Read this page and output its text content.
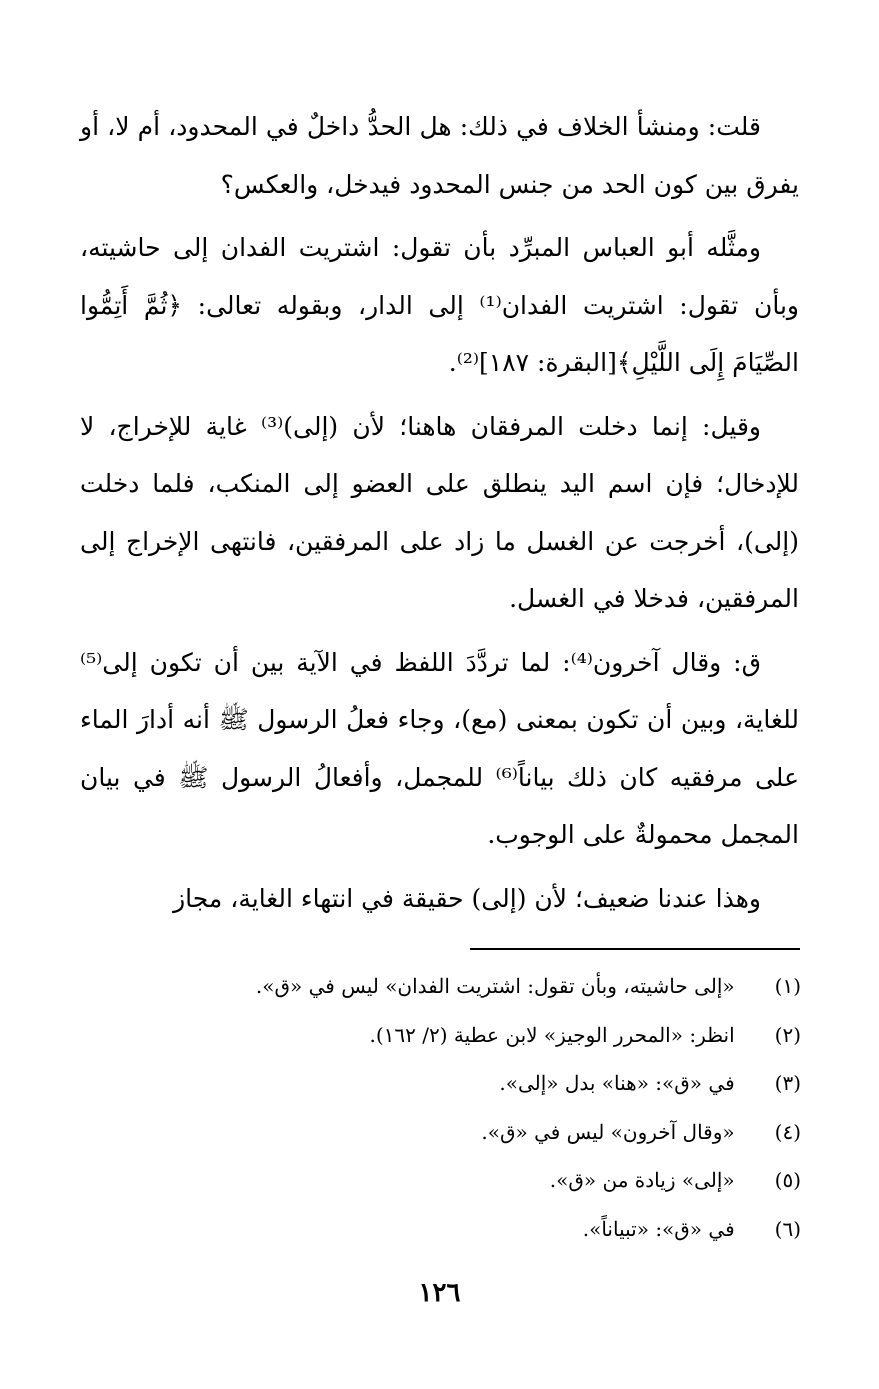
قلت: ومنشأ الخلاف في ذلك: هل الحدُّ داخلٌ في المحدود، أم لا، أو يفرق بين كون الحد من جنس المحدود فيدخل، والعكس؟

ومثَّله أبو العباس المبرِّد بأن تقول: اشتريت الفدان إلى حاشيته، وبأن تقول: اشتريت الفدان⁽¹⁾ إلى الدار، وبقوله تعالى: ﴿ثُمَّ أَتِمُّوا الصِّيَامَ إِلَى اللَّيْلِ﴾[البقرة: ١٨٧]⁽²⁾.

وقيل: إنما دخلت المرفقان هاهنا؛ لأن (إلى)⁽³⁾ غاية للإخراج، لا للإدخال؛ فإن اسم اليد ينطلق على العضو إلى المنكب، فلما دخلت (إلى)، أخرجت عن الغسل ما زاد على المرفقين، فانتهى الإخراج إلى المرفقين، فدخلا في الغسل.

ق: وقال آخرون⁽⁴⁾: لما تردَّدَ اللفظ في الآية بين أن تكون إلى⁽⁵⁾ للغاية، وبين أن تكون بمعنى (مع)، وجاء فعلُ الرسول ﷺ أنه أدارَ الماء على مرفقيه كان ذلك بياناً⁽⁶⁾ للمجمل، وأفعالُ الرسول ﷺ في بيان المجمل محمولةٌ على الوجوب.

وهذا عندنا ضعيف؛ لأن (إلى) حقيقة في انتهاء الغاية، مجاز

(١) «إلى حاشيته، وبأن تقول: اشتريت الفدان» ليس في «ق».
(٢) انظر: «المحرر الوجيز» لابن عطية (٢/ ١٦٢).
(٣) في «ق»: «هنا» بدل «إلى».
(٤) «وقال آخرون» ليس في «ق».
(٥) «إلى» زيادة من «ق».
(٦) في «ق»: «تبياناً».
١٢٦
